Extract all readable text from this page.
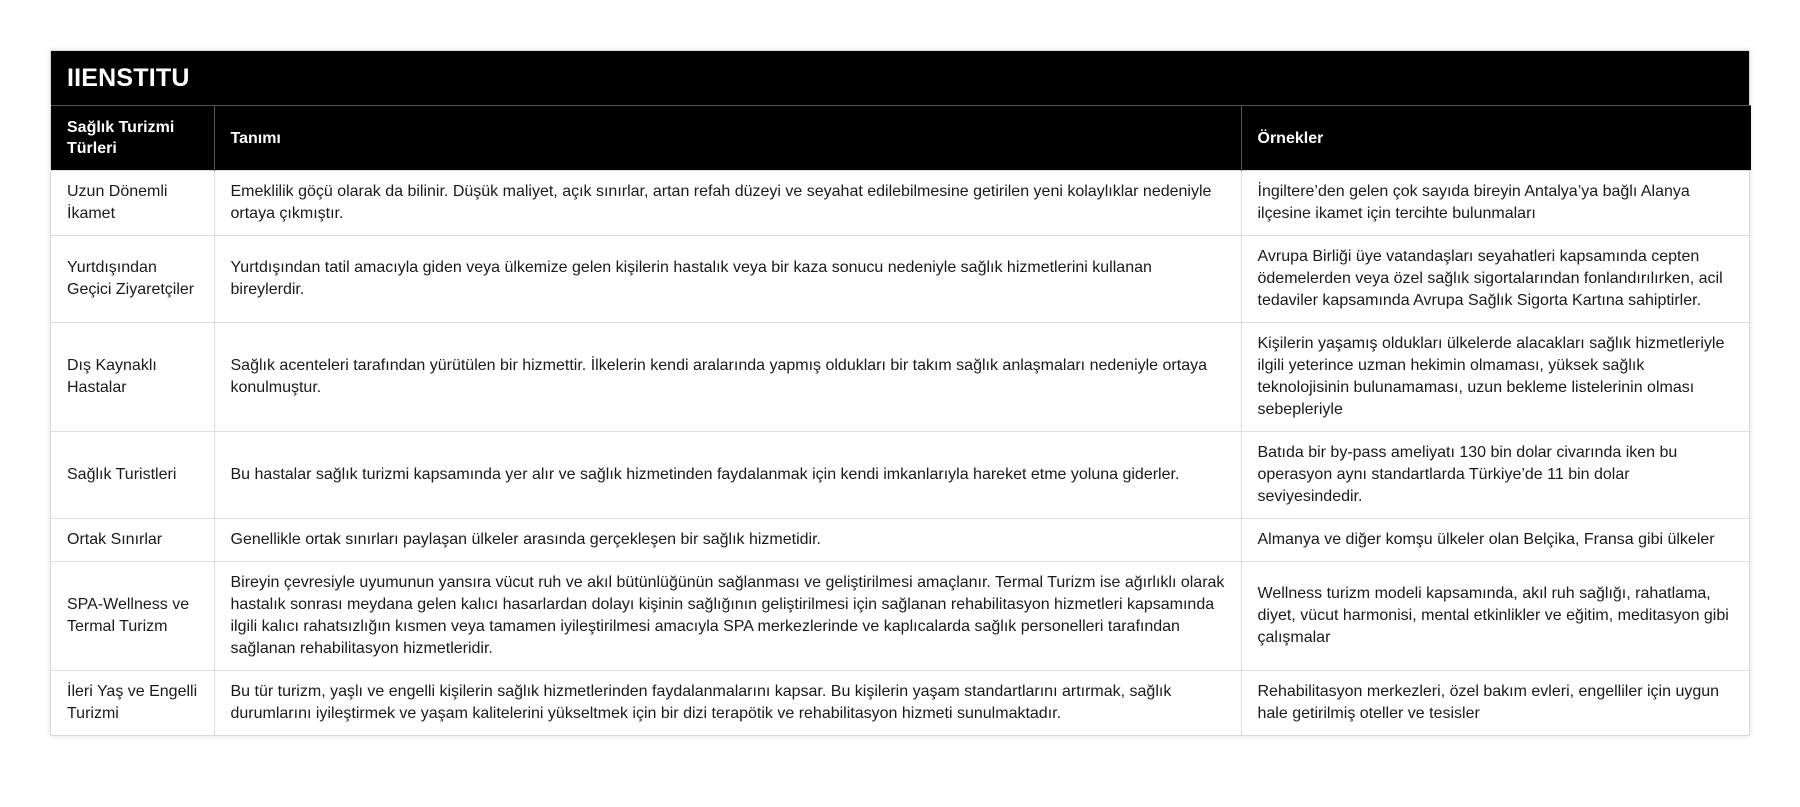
IIENSTITU
Sağlık Turizmi Türleri	Tanımı	Örnekler
Uzun Dönemli İkamet	Emeklilik göçü olarak da bilinir. Düşük maliyet, açık sınırlar, artan refah düzeyi ve seyahat edilebilmesine getirilen yeni kolaylıklar nedeniyle ortaya çıkmıştır.	İngiltere’den gelen çok sayıda bireyin Antalya’ya bağlı Alanya ilçesine ikamet için tercihte bulunmaları
Yurtdışından Geçici Ziyaretçiler	Yurtdışından tatil amacıyla giden veya ülkemize gelen kişilerin hastalık veya bir kaza sonucu nedeniyle sağlık hizmetlerini kullanan bireylerdir.	Avrupa Birliği üye vatandaşları seyahatleri kapsamında cepten ödemelerden veya özel sağlık sigortalarından fonlandırılırken, acil tedaviler kapsamında Avrupa Sağlık Sigorta Kartına sahiptirler.
Dış Kaynaklı Hastalar	Sağlık acenteleri tarafından yürütülen bir hizmettir. İlkelerin kendi aralarında yapmış oldukları bir takım sağlık anlaşmaları nedeniyle ortaya konulmuştur.	Kişilerin yaşamış oldukları ülkelerde alacakları sağlık hizmetleriyle ilgili yeterince uzman hekimin olmaması, yüksek sağlık teknolojisinin bulunamaması, uzun bekleme listelerinin olması sebepleriyle
Sağlık Turistleri	Bu hastalar sağlık turizmi kapsamında yer alır ve sağlık hizmetinden faydalanmak için kendi imkanlarıyla hareket etme yoluna giderler.	Batıda bir by-pass ameliyatı 130 bin dolar civarında iken bu operasyon aynı standartlarda Türkiye’de 11 bin dolar seviyesindedir.
Ortak Sınırlar	Genellikle ortak sınırları paylaşan ülkeler arasında gerçekleşen bir sağlık hizmetidir.	Almanya ve diğer komşu ülkeler olan Belçika, Fransa gibi ülkeler
SPA-Wellness ve Termal Turizm	Bireyin çevresiyle uyumunun yansıra vücut ruh ve akıl bütünlüğünün sağlanması ve geliştirilmesi amaçlanır. Termal Turizm ise ağırlıklı olarak hastalık sonrası meydana gelen kalıcı hasarlardan dolayı kişinin sağlığının geliştirilmesi için sağlanan rehabilitasyon hizmetleri kapsamında ilgili kalıcı rahatsızlığın kısmen veya tamamen iyileştirilmesi amacıyla SPA merkezlerinde ve kaplıcalarda sağlık personelleri tarafından sağlanan rehabilitasyon hizmetleridir.	Wellness turizm modeli kapsamında, akıl ruh sağlığı, rahatlama, diyet, vücut harmonisi, mental etkinlikler ve eğitim, meditasyon gibi çalışmalar
İleri Yaş ve Engelli Turizmi	Bu tür turizm, yaşlı ve engelli kişilerin sağlık hizmetlerinden faydalanmalarını kapsar. Bu kişilerin yaşam standartlarını artırmak, sağlık durumlarını iyileştirmek ve yaşam kalitelerini yükseltmek için bir dizi terapötik ve rehabilitasyon hizmeti sunulmaktadır.	Rehabilitasyon merkezleri, özel bakım evleri, engelliler için uygun hale getirilmiş oteller ve tesisler
